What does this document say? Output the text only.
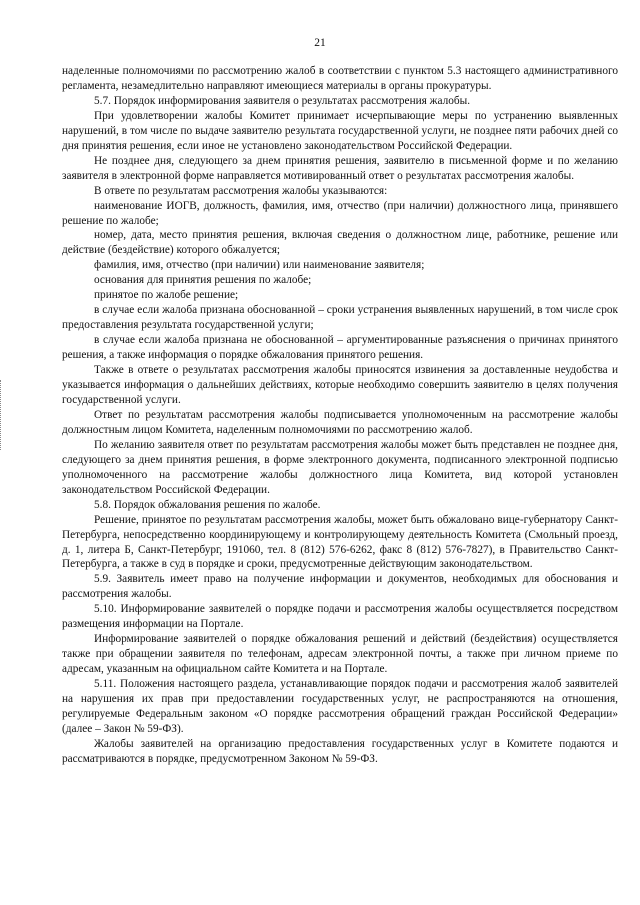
21

наделенные полномочиями по рассмотрению жалоб в соответствии с пунктом 5.3 настоящего административного регламента, незамедлительно направляют имеющиеся материалы в органы прокуратуры.

5.7. Порядок информирования заявителя о результатах рассмотрения жалобы.

При удовлетворении жалобы Комитет принимает исчерпывающие меры по устранению выявленных нарушений, в том числе по выдаче заявителю результата государственной услуги, не позднее пяти рабочих дней со дня принятия решения, если иное не установлено законодательством Российской Федерации.

Не позднее дня, следующего за днем принятия решения, заявителю в письменной форме и по желанию заявителя в электронной форме направляется мотивированный ответ о результатах рассмотрения жалобы.

В ответе по результатам рассмотрения жалобы указываются:

наименование ИОГВ, должность, фамилия, имя, отчество (при наличии) должностного лица, принявшего решение по жалобе;

номер, дата, место принятия решения, включая сведения о должностном лице, работнике, решение или действие (бездействие) которого обжалуется;

фамилия, имя, отчество (при наличии) или наименование заявителя;

основания для принятия решения по жалобе;

принятое по жалобе решение;

в случае если жалоба признана обоснованной – сроки устранения выявленных нарушений, в том числе срок предоставления результата государственной услуги;

в случае если жалоба признана не обоснованной – аргументированные разъяснения о причинах принятого решения, а также информация о порядке обжалования принятого решения.

Также в ответе о результатах рассмотрения жалобы приносятся извинения за доставленные неудобства и указывается информация о дальнейших действиях, которые необходимо совершить заявителю в целях получения государственной услуги.

Ответ по результатам рассмотрения жалобы подписывается уполномоченным на рассмотрение жалобы должностным лицом Комитета, наделенным полномочиями по рассмотрению жалоб.

По желанию заявителя ответ по результатам рассмотрения жалобы может быть представлен не позднее дня, следующего за днем принятия решения, в форме электронного документа, подписанного электронной подписью уполномоченного на рассмотрение жалобы должностного лица Комитета, вид которой установлен законодательством Российской Федерации.

5.8. Порядок обжалования решения по жалобе.

Решение, принятое по результатам рассмотрения жалобы, может быть обжаловано вице-губернатору Санкт-Петербурга, непосредственно координирующему и контролирующему деятельность Комитета (Смольный проезд, д. 1, литера Б, Санкт-Петербург, 191060, тел. 8 (812) 576-6262, факс 8 (812) 576-7827), в Правительство Санкт-Петербурга, а также в суд в порядке и сроки, предусмотренные действующим законодательством.

5.9. Заявитель имеет право на получение информации и документов, необходимых для обоснования и рассмотрения жалобы.

5.10. Информирование заявителей о порядке подачи и рассмотрения жалобы осуществляется посредством размещения информации на Портале.

Информирование заявителей о порядке обжалования решений и действий (бездействия) осуществляется также при обращении заявителя по телефонам, адресам электронной почты, а также при личном приеме по адресам, указанным на официальном сайте Комитета и на Портале.

5.11. Положения настоящего раздела, устанавливающие порядок подачи и рассмотрения жалоб заявителей на нарушения их прав при предоставлении государственных услуг, не распространяются на отношения, регулируемые Федеральным законом «О порядке рассмотрения обращений граждан Российской Федерации» (далее – Закон № 59-ФЗ).

Жалобы заявителей на организацию предоставления государственных услуг в Комитете подаются и рассматриваются в порядке, предусмотренном Законом № 59-ФЗ.
